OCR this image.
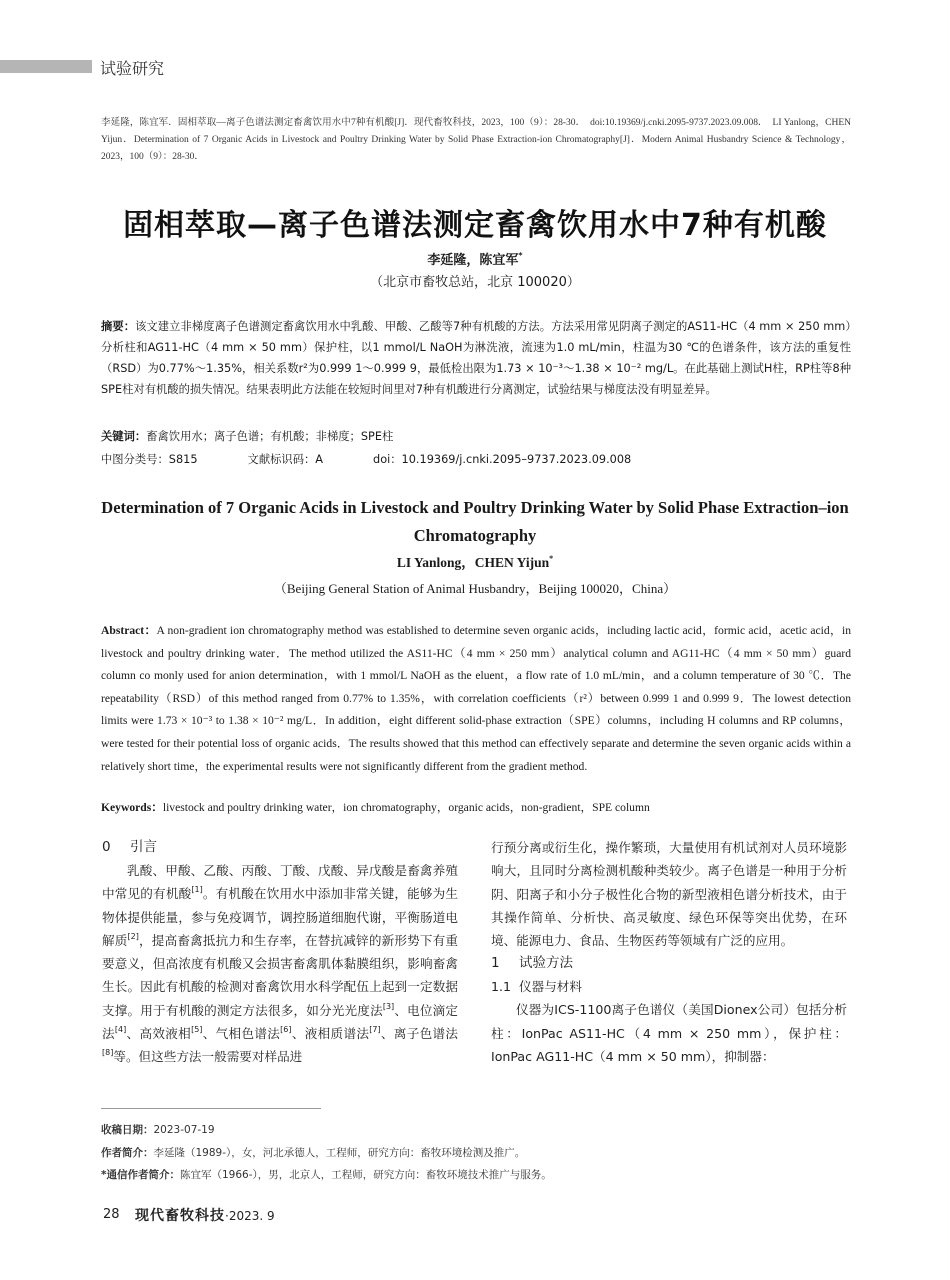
试验研究
李延隆，陈宜军．固相萃取—离子色谱法测定畜禽饮用水中7种有机酸[J]．现代畜牧科技，2023，100（9）：28-30．　doi:10.19369/j.cnki.2095-9737.2023.09.008．　LI Yanlong，CHEN Yijun．Determination of 7 Organic Acids in Livestock and Poultry Drinking Water by Solid Phase Extraction-ion Chromatography[J]．Modern Animal Husbandry Science & Technology，2023，100（9）：28-30．
固相萃取—离子色谱法测定畜禽饮用水中7种有机酸
李延隆，陈宜军*
（北京市畜牧总站，北京 100020）
摘要：该文建立非梯度离子色谱测定畜禽饮用水中乳酸、甲酸、乙酸等7种有机酸的方法。方法采用常见阴离子测定的AS11-HC（4 mm × 250 mm）分析柱和AG11-HC（4 mm × 50 mm）保护柱，以1 mmol/L NaOH为淋洗液，流速为1.0 mL/min，柱温为30 ℃的色谱条件，该方法的重复性（RSD）为0.77%～1.35%，相关系数r²为0.999 1～0.999 9，最低检出限为1.73 × 10⁻³～1.38 × 10⁻² mg/L。在此基础上测试H柱，RP柱等8种SPE柱对有机酸的损失情况。结果表明此方法能在较短时间里对7种有机酸进行分离测定，试验结果与梯度法没有明显差异。
关键词：畜禽饮用水；离子色谱；有机酸；非梯度；SPE柱
中图分类号：S815	文献标识码：A	doi：10.19369/j.cnki.2095–9737.2023.09.008
Determination of 7 Organic Acids in Livestock and Poultry Drinking Water by Solid Phase Extraction–ion Chromatography
LI Yanlong，CHEN Yijun*
（Beijing General Station of Animal Husbandry，Beijing 100020，China）
Abstract：A non-gradient ion chromatography method was established to determine seven organic acids，including lactic acid，formic acid，acetic acid，in livestock and poultry drinking water．The method utilized the AS11-HC（4 mm × 250 mm）analytical column and AG11-HC（4 mm × 50 mm）guard column co monly used for anion determination，with 1 mmol/L NaOH as the eluent，a flow rate of 1.0 mL/min，and a column temperature of 30 ℃．The repeatability（RSD）of this method ranged from 0.77% to 1.35%，with correlation coefficients（r²）between 0.999 1 and 0.999 9．The lowest detection limits were 1.73 × 10⁻³ to 1.38 × 10⁻² mg/L．In addition，eight different solid-phase extraction（SPE）columns，including H columns and RP columns，were tested for their potential loss of organic acids．The results showed that this method can effectively separate and determine the seven organic acids within a relatively short time，the experimental results were not significantly different from the gradient method.
Keywords：livestock and poultry drinking water，ion chromatography，organic acids，non-gradient，SPE column
0 引言

乳酸、甲酸、乙酸、丙酸、丁酸、戊酸、异戊酸是畜禽养殖中常见的有机酸[1]。有机酸在饮用水中添加非常关键，能够为生物体提供能量，参与免疫调节，调控肠道细胞代谢，平衡肠道电解质[2]，提高畜禽抵抗力和生存率，在替抗减锌的新形势下有重要意义，但高浓度有机酸又会损害畜禽肌体黏膜组织，影响畜禽生长。因此有机酸的检测对畜禽饮用水科学配伍上起到一定数据支撑。用于有机酸的测定方法很多，如分光光度法[3]、电位滴定法[4]、高效液相[5]、气相色谱法[6]、液相质谱法[7]、离子色谱法[8]等。但这些方法一般需要对样品进

行预分离或衍生化，操作繁琐，大量使用有机试剂对人员环境影响大，且同时分离检测机酸种类较少。离子色谱是一种用于分析阴、阳离子和小分子极性化合物的新型液相色谱分析技术，由于其操作简单、分析快、高灵敏度、绿色环保等突出优势，在环境、能源电力、食品、生物医药等领域有广泛的应用。

1 试验方法
1.1 仪器与材料

仪器为ICS-1100离子色谱仪（美国Dionex公司）包括分析柱：IonPac AS11-HC（4 mm × 250 mm），保护柱：IonPac AG11-HC（4 mm × 50 mm），抑制器：

收稿日期：2023-07-19
作者简介：李延隆（1989-），女，河北承德人，工程师，研究方向：畜牧环境检测及推广。
*通信作者简介：陈宜军（1966-），男，北京人，工程师，研究方向：畜牧环境技术推广与服务。
28 现代畜牧科技·2023. 9
